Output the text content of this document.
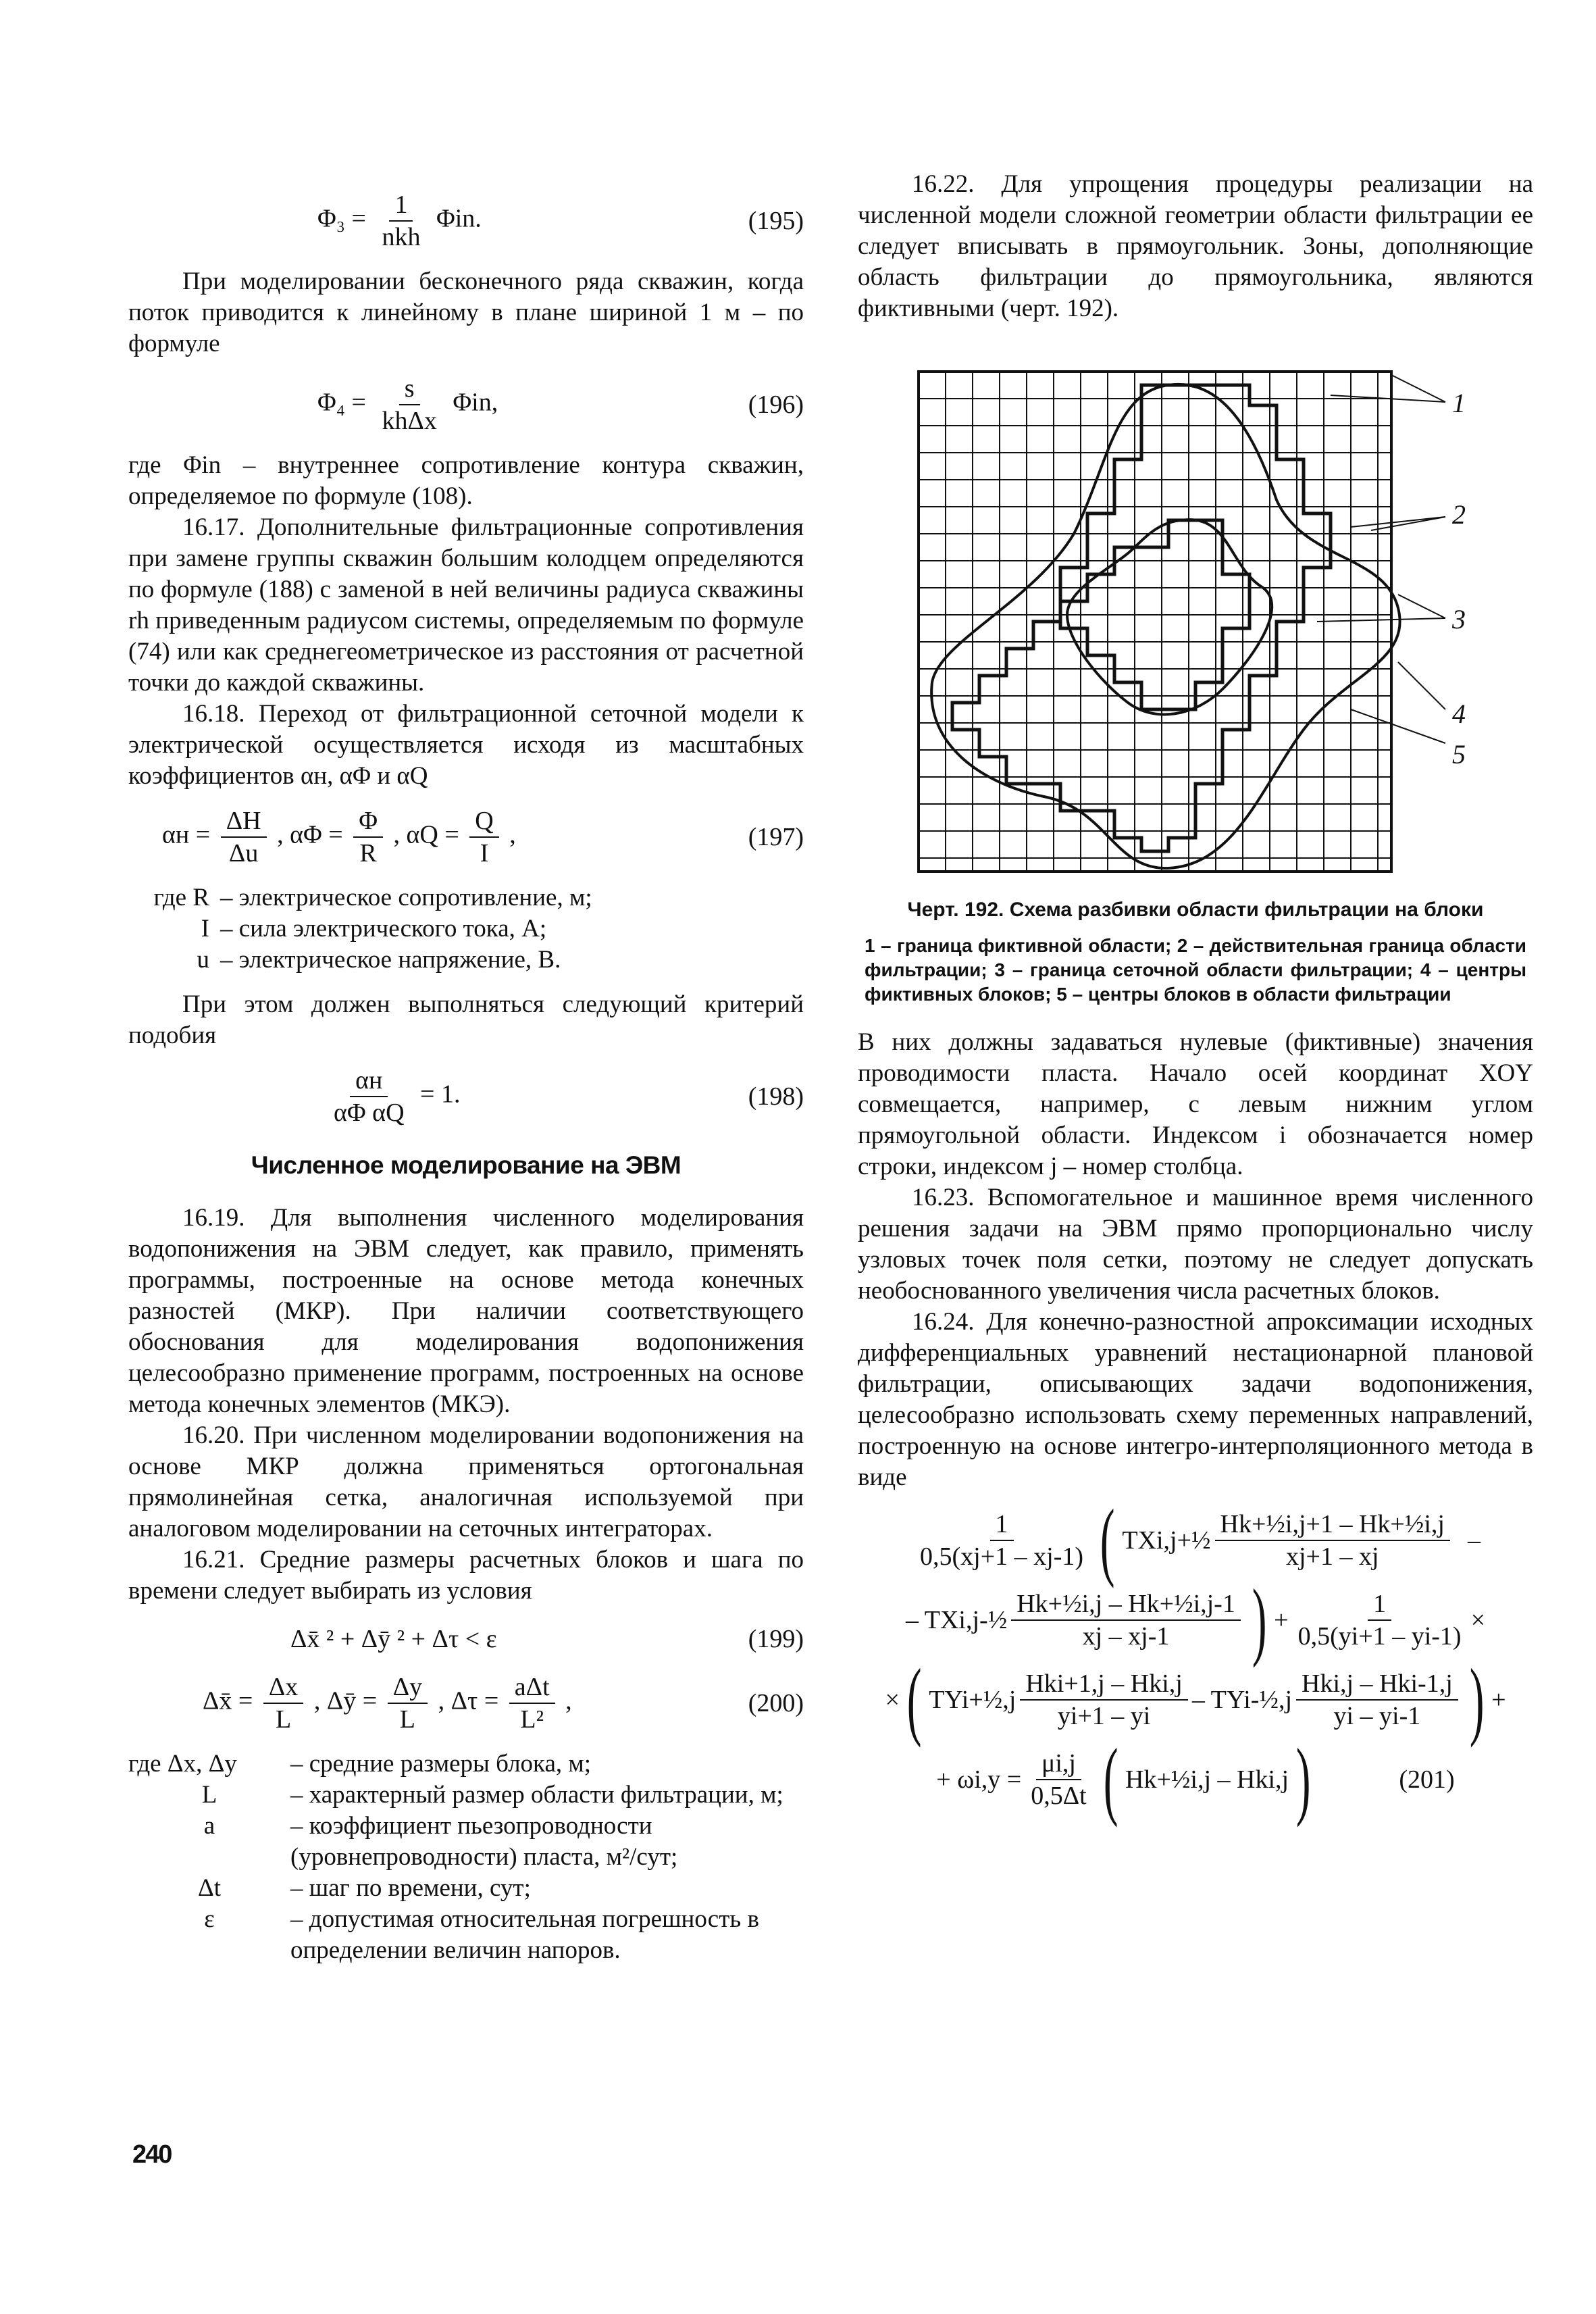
$\Phi_3 = \frac{1}{\text{nkh}} \Phi in$.	(195)

При моделировании бесконечного ряда скважин, когда поток приводится к линейному в плане шириной 1 м – по формуле

$\Phi_4 = \frac{s}{\text{khΔx}} \Phi in$,	(196)

где Φin – внутреннее сопротивление контура скважин, определяемое по формуле (108).

16.17. Дополнительные фильтрационные сопротивления при замене группы скважин большим колодцем определяются по формуле (188) с заменой в ней величины радиуса скважины rh приведенным радиусом системы, определяемым по формуле (74) или как среднегеометрическое из расстояния от расчетной точки до каждой скважины.

16.18. Переход от фильтрационной сеточной модели к электрической осуществляется исходя из масштабных коэффициентов αн, αΦ и αQ

$\alpha н = \frac{\Delta H}{\Delta u}$ , $\alpha\Phi = \frac{\Phi}{R}$ , $\alpha Q = \frac{Q}{I}$ ,	(197)
где R – электрическое сопротивление, м;
I – сила электрического тока, А;
u – электрическое напряжение, В.

При этом должен выполняться следующий критерий подобия

$\frac{\alpha н}{\text{αΦ αQ}} = 1$.	(198)
Численное моделирование на ЭВМ

16.19. Для выполнения численного моделирования водопонижения на ЭВМ следует, как правило, применять программы, построенные на основе метода конечных разностей (МКР). При наличии соответствующего обоснования для моделирования водопонижения целесообразно применение программ, построенных на основе метода конечных элементов (МКЭ).

16.20. При численном моделировании водопонижения на основе МКР должна применяться ортогональная прямолинейная сетка, аналогичная используемой при аналоговом моделировании на сеточных интеграторах.

16.21. Средние размеры расчетных блоков и шага по времени следует выбирать из условия

Δx̄ ² + Δȳ ² + Δτ < ε	(199)
Δx̄ = $\frac{\Delta x}{L}$ , Δȳ = $\frac{\Delta y}{L}$ , $\Delta\tau = \frac{\text{aΔt}}{\text{L²}}$ ,	(200)
где Δx, Δy	– средние размеры блока, м;
L	– характерный размер области фильтрации, м;
a	– коэффициент пьезопроводности (уровнепроводности) пласта, м²/сут;
Δt	– шаг по времени, сут;
ε	– допустимая относительная погрешность в определении величин напоров.
240

16.22. Для упрощения процедуры реализации на численной модели сложной геометрии области фильтрации ее следует вписывать в прямоугольник. Зоны, дополняющие область фильтрации до прямоугольника, являются фиктивными (черт. 192).

1
2
3
4
5
Черт. 192. Схема разбивки области фильтрации на блоки
1 – граница фиктивной области; 2 – действительная граница области фильтрации; 3 – граница сеточной области фильтрации; 4 – центры фиктивных блоков; 5 – центры блоков в области фильтрации

В них должны задаваться нулевые (фиктивные) значения проводимости пласта. Начало осей координат XOY совмещается, например, с левым нижним углом прямоугольной области. Индексом i обозначается номер строки, индексом j – номер столбца.

16.23. Вспомогательное и машинное время численного решения задачи на ЭВМ прямо пропорционально числу узловых точек поля сетки, поэтому не следует допускать необоснованного увеличения числа расчетных блоков.

16.24. Для конечно-разностной апроксимации исходных дифференциальных уравнений нестационарной плановой фильтрации, описывающих задачи водопонижения, целесообразно использовать схему переменных направлений, построенную на основе интегро-интерполяционного метода в виде

$\frac{1}{0,5(xj+1 - xj-1)}$ ( TXi,j+½ $\frac{\text{Hk+½i,j+1 – Hk+½i,j}}{xj+1 - xj}$ –
– TXi,j-½ $\frac{\text{Hk+½i,j – Hk+½i,j-1}}{xj - xj-1}$ ) + $\frac{1}{0,5(yi+1 - yi-1)}$ ×
× ( TYi+½,j $\frac{\text{Hki+1,j – Hki,j}}{yi+1 - yi}$ – TYi-½,j $\frac{\text{Hki,j – Hki-1,j}}{yi - yi-1}$ ) +
+ $\omega i,y = \frac{\mu i,j}{0,5\Delta t}$ ( Hk+½i,j – Hki,j )	(201)
